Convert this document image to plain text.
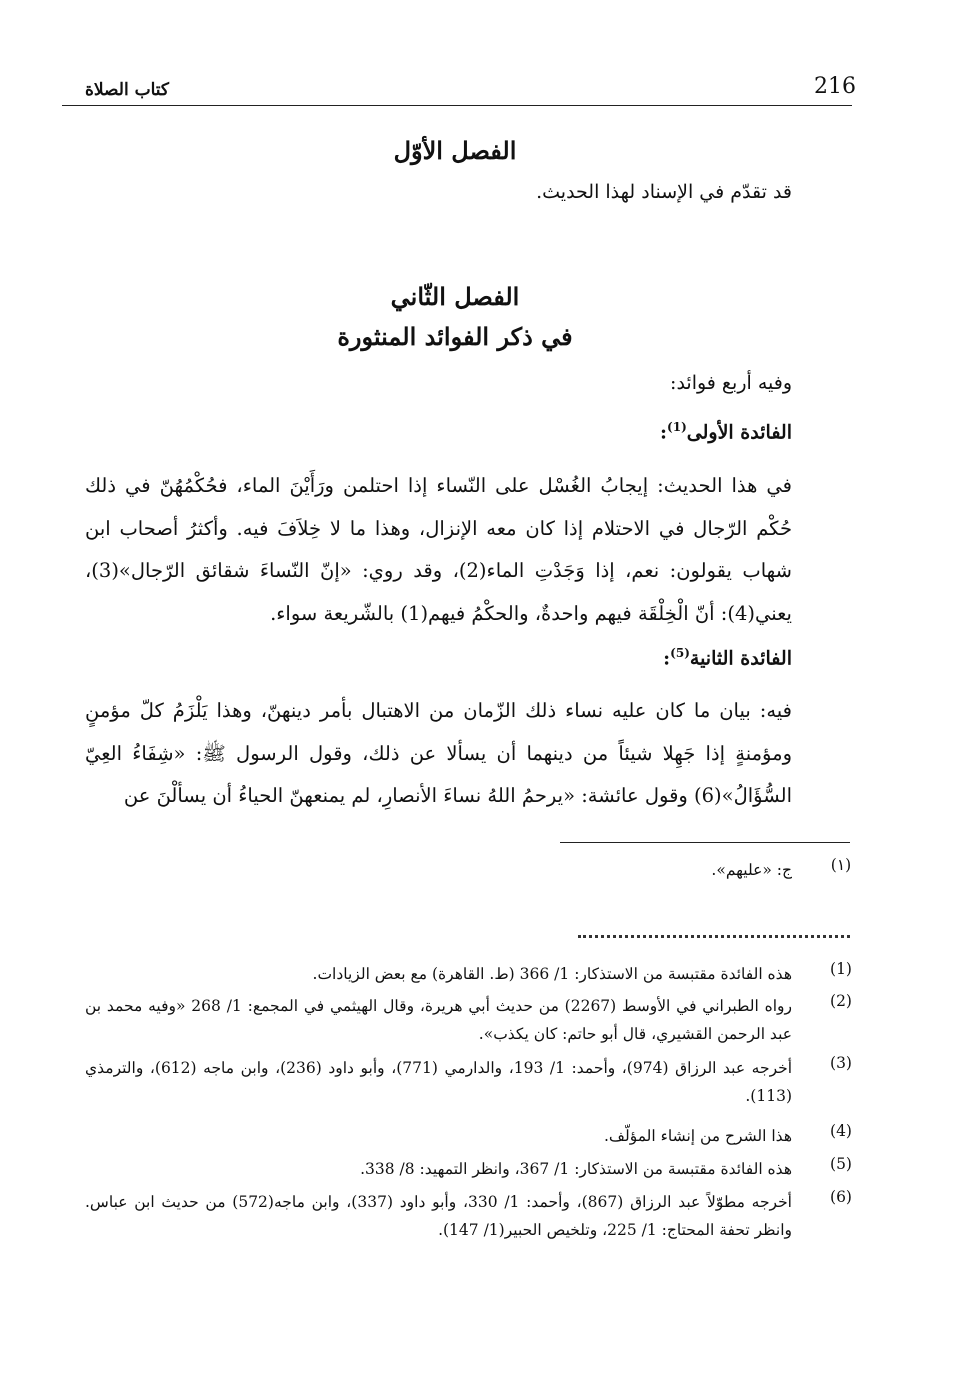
216
كتاب الصلاة
الفصل الأوّل
قد تقدّم في الإسناد لهذا الحديث.
الفصل الثّاني
في ذكر الفوائد المنثورة
وفيه أربع فوائد:
الفائدة الأولى$^{(1)}$:
في هذا الحديث: إيجابُ الغُسْل على النّساء إذا احتلمن ورَأَيْنَ الماء، فحُكْمُهُنّ في ذلك حُكْم الرّجال في الاحتلام إذا كان معه الإنزال، وهذا ما لا خِلاَفَ فيه. وأكثرُ أصحاب ابن شهاب يقولون: نعم، إذا وَجَدْتِ الماء(2)، وقد روي: «إنّ النّساءَ شقائق الرّجال»(3)، يعني(4): أنّ الْخِلْقَة فيهم واحدةٌ، والحكْمُ فيهم(1) بالشّريعة سواء.
الفائدة الثانية$^{(5)}$:
فيه: بيان ما كان عليه نساء ذلك الزّمان من الاهتبال بأمر دينهنّ، وهذا يَلْزَمُ كلّ مؤمنٍ ومؤمنةٍ إذا جَهِلا شيئاً من دينهما أن يسألا عن ذلك، وقول الرسول ﷺ: «شِفَاءُ العِيّ السُّؤَالُ»(6) وقول عائشة: «يرحمُ اللهُ نساءَ الأنصارِ، لم يمنعهنّ الحياءُ أن يسألْنَ عن
(١)
ج: «عليهم».
(1)
هذه الفائدة مقتبسة من الاستذكار: 1/ 366 (ط. القاهرة) مع بعض الزيادات.
(2)
رواه الطبراني في الأوسط (2267) من حديث أبي هريرة، وقال الهيثمي في المجمع: 1/ 268 «وفيه محمد بن عبد الرحمن القشيري، قال أبو حاتم: كان يكذب».
(3)
أخرجه عبد الرزاق (974)، وأحمد: 1/ 193، والدارمي (771)، وأبو داود (236)، وابن ماجه (612)، والترمذي (113).
(4)
هذا الشرح من إنشاء المؤلّف.
(5)
هذه الفائدة مقتبسة من الاستذكار: 1/ 367، وانظر التمهيد: 8/ 338.
(6)
أخرجه مطوّلاً عبد الرزاق (867)، وأحمد: 1/ 330، وأبو داود (337)، وابن ماجه(572) من حديث ابن عباس. وانظر تحفة المحتاج: 1/ 225، وتلخيص الحبير(1/ 147).
